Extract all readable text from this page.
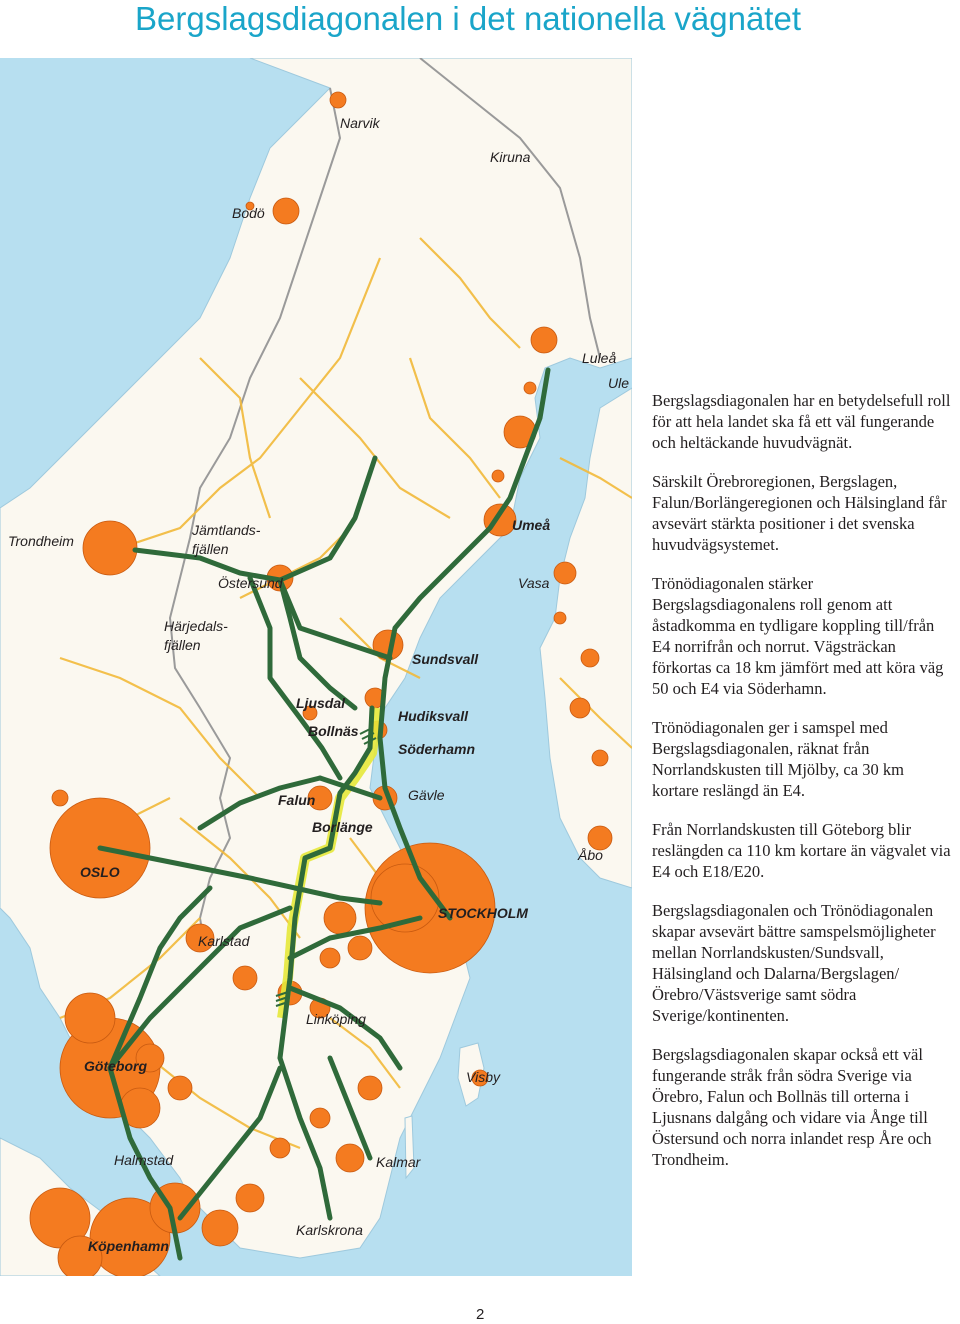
Bergslagsdiagonalen i det nationella vägnätet
Narvik
Kiruna
Bodö
Luleå
Ule
Trondheim
Jämtlands-
fjällen
Östersund
Umeå
Vasa
Härjedals-
fjällen
Sundsvall
Ljusdal
Bollnäs
Hudiksvall
Söderhamn
Falun	Gävle
Borlänge
Åbo
OSLO
STOCKHOLM
Karlstad
Linköping
Göteborg
Visby
Halmstad	Kalmar
Karlskrona
Köpenhamn

Bergslagsdiagonalen har en betydelsefull roll för att hela landet ska få ett väl fungerande och heltäckande huvudvägnät.

Särskilt Örebroregionen, Bergslagen, Falun/Borlängeregionen och Hälsingland får avsevärt stärkta positioner i det svenska huvudvägsystemet.

Trönödiagonalen stärker Bergslagsdiagonalens roll genom att åstadkomma en tydligare koppling till/från E4 norrifrån och norrut. Vägsträckan förkortas ca 18 km jämfört med att köra väg 50 och E4 via Söderhamn.

Trönödiagonalen ger i samspel med Bergslagsdiagonalen, räknat från Norrlandskusten till Mjölby, ca 30 km kortare reslängd än E4.

Från Norrlandskusten till Göteborg blir reslängden ca 110 km kortare än vägvalet via E4 och E18/E20.

Bergslagsdiagonalen och Trönödiagonalen skapar avsevärt bättre samspelsmöjligheter mellan Norrlandskusten/Sundsvall, Hälsingland och Dalarna/Bergslagen/Örebro/Västsverige samt södra Sverige/kontinenten.

Bergslagsdiagonalen skapar också ett väl fungerande stråk från södra Sverige via Örebro, Falun och Bollnäs till orterna i Ljusnans dalgång och vidare via Ånge till Östersund och norra inlandet resp Åre och Trondheim.

2
